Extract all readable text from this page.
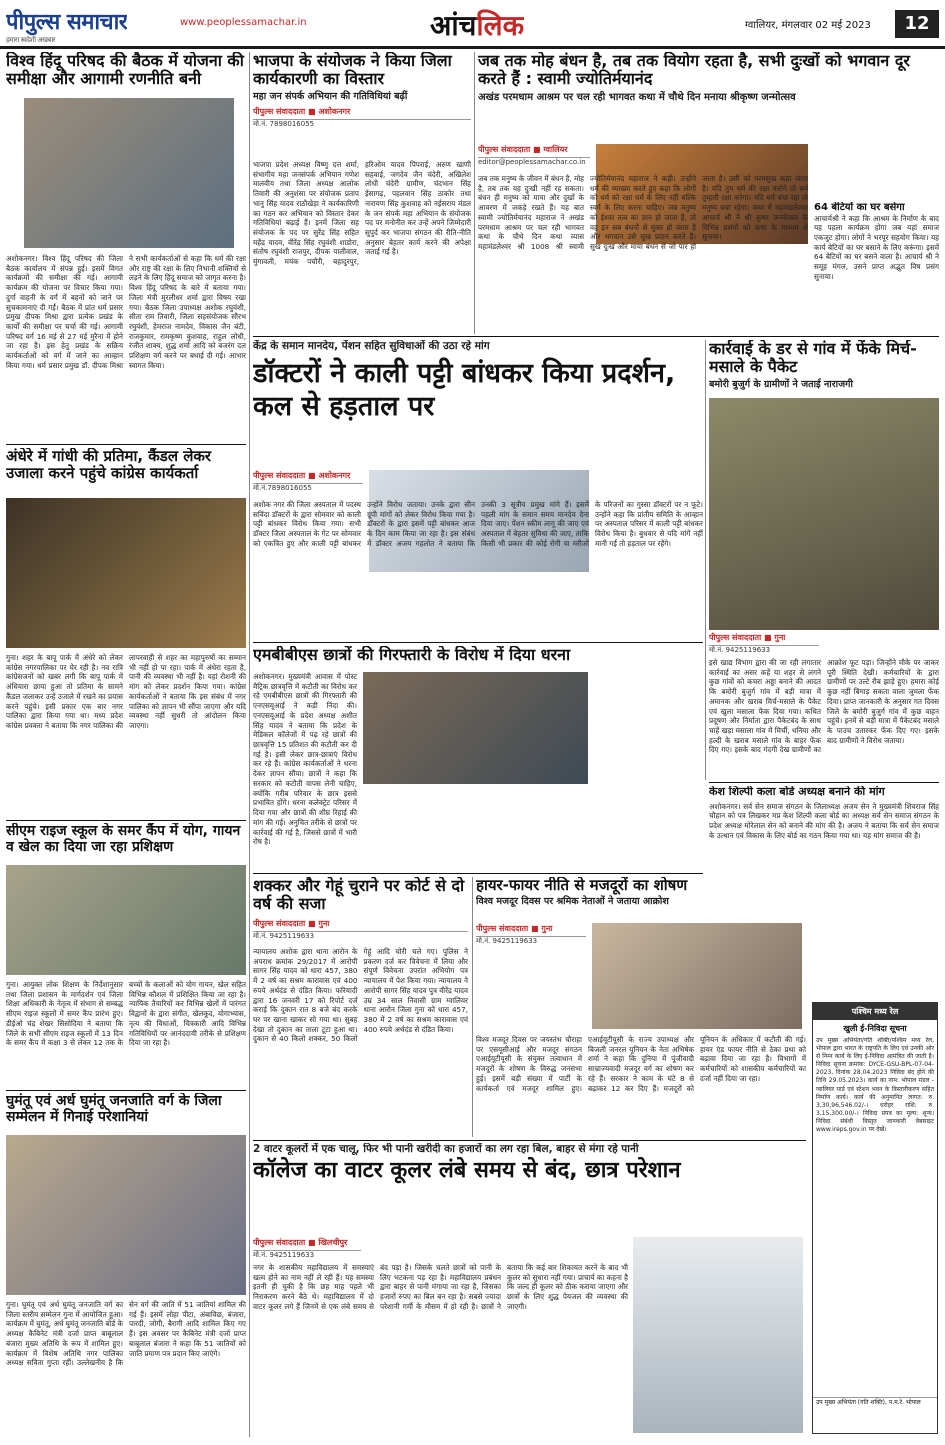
पीपुल्स समाचार
हमारा स्वदेशी अखबार
www.peoplessamachar.in	आंचलिक	ग्वालियर, मंगलवार 02 मई 2023	12
विश्व हिंदू परिषद की बैठक में योजना की समीक्षा और आगामी रणनीति बनी
अशोकनगर। विश्व हिंदू परिषद की जिला बैठक कार्यालय में संपन्न हुई। इसमें विगत कार्यक्रमों की समीक्षा की गई। आगामी कार्यक्रम की योजना पर विचार किया गया। दुर्गा वाहनी के वर्ग में बहनों को जाने पर सुचकामनाएं दी गईं। बैठक में प्रांत धर्म प्रसार प्रमुख दीपक मिश्रा द्वारा प्रत्येक प्रखंड के कार्यों की समीक्षा पर चर्चा की गई। आगामी परिषद वर्ग 16 मई से 27 मई मुरैना में होने जा रहा है। इस हेतु प्रखंड के सक्रिय कार्यकर्ताओं को वर्ग में जाने का आव्हान किया गया। धर्म प्रसार प्रमुख डॉ. दीपक मिश्रा ने सभी कार्यकर्ताओं से कहा कि धर्म की रक्षा और राष्ट्र की रक्षा के लिए निभानी शक्तियों से लड़ने के लिए हिंदू समाज को जागृत करना है। विश्व हिंदू परिषद के बारे में बताया गया। जिला मंत्री मुरलीधर शर्मा द्वारा विषय रखा गया। बैठक जिला उपाध्यक्ष अशोक रघुवंशी, सीता राम तिवारी, जिला सहसंयोजक सौरभ रघुवंशी, हेमराज नामदेव, विकास जैन बंटी, राजकुमार, रामकृष्ण कुशवाह, राहुल लोधी, रंजीत शाक्य, शुद्ध शर्मा आदि को बजरंग दल प्रशिक्षण वर्ग करने पर बधाई दी गई। आभार स्वागत किया।
अंधेरे में गांधी की प्रतिमा, कैंडल लेकर उजाला करने पहुंचे कांग्रेस कार्यकर्ता
गुना। शहर के बापू पार्क में अंधेरे को लेकर कांग्रेस नगरपालिका पर घेर रही है। नव रात्रि कांग्रेसजनों को खबर लगी कि बापू पार्क में अंधियारा छाया हुआ तो प्रतिमा के सामने कैंडल जलाकर उन्हें उजाले में रखने का प्रयास करने पहुंचे। इसी प्रकार एक बार नगर पालिका द्वारा किया गया था। मध्य प्रदेश कांग्रेस प्रवक्ता ने बताया कि नगर पालिका की लापरवाही से शहर का महापुरुषों का सम्मान भी नहीं हो पा रहा। पार्क में अंधेरा रहता है, पानी की व्यवस्था भी नहीं है। यहां रोशनी की मांग को लेकर प्रदर्शन किया गया। कांग्रेस कार्यकर्ताओं ने बताया कि इस संबंध में नगर पालिका को ज्ञापन भी सौंपा जाएगा और यदि व्यवस्था नहीं सुधरी तो आंदोलन किया जाएगा।
सीएम राइज स्कूल के समर कैंप में योग, गायन व खेल का दिया जा रहा प्रशिक्षण
गुना। आयुक्त लोक शिक्षण के निर्देशानुसार तथा जिला प्रशासन के मार्गदर्शन एवं जिला शिक्षा अधिकारी के नेतृत्व में संभाग से सम्बद्ध सीएम राइज स्कूलों में समर कैंप प्रारंभ हुए। डीईओ चंद्र शेखर सिसोदिया ने बताया कि जिले के सभी सीएम राइज स्कूलों में 13 दिन के समर कैंप में कक्षा 3 से लेकर 12 तक के बच्चों के कलाओं को योग गायन, खेल सहित विभिन्न कौशल में प्रशिक्षित किया जा रहा है। न्यायिक तैयारियों कर विभिन्न खेलों में पारंगत विद्वानों के द्वारा संगीत, खेलकूद, योगाभ्यास, नृत्य की विधाओं, चित्रकारी आदि विभिन्न गतिविधियों पर आनंददायी तरीके से प्रशिक्षण दिया जा रहा है।
घुमंतू एवं अर्ध घुमंतू जनजाति वर्ग के जिला सम्मेलन में गिनाई परेशानियां
गुना। घुमंतू एवं अर्ध घुमंतू जनजाति वर्ग का जिला स्तरीय सम्मेलन गुना में आयोजित हुआ। कार्यक्रम में घुमंतू, अर्ध घुमंतू जनजाति बोर्ड के अध्यक्ष कैबिनेट मंत्री दर्जा प्राप्त बाबूलाल बंजारा मुख्य अतिथि के रूप में शामिल हुए। कार्यक्रम में विशेष अतिथि नगर पालिका अध्यक्ष सविता गुप्ता रहीं। उल्लेखनीय है कि सेन वर्ग की जाति में 51 जातियां शामिल की गई हैं। इसमें लोहा पीटा, अंबाविछ, बंजारा, पारदी, जोगी, बैरागी आदि शामिल किए गए हैं। इस अवसर पर कैबिनेट मंत्री दर्जा प्राप्त बाबूलाल बंजारा ने कहा कि 51 जातियों को जाति प्रमाण पत्र प्रदान किए जाएंगे।
भाजपा के संयोजक ने किया जिला कार्यकारणी का विस्तार
महा जन संपर्क अभियान की गतिविधियां बढ़ीं
पीपुल्स संवाददाता ■ अशोकनगर
मो.नं. 7898016055
भाजपा प्रदेश अध्यक्ष विष्णु दत्त शर्मा, संभागीय महा जनसंपर्क अभियान गणेश मालवीय तथा जिला अध्यक्ष आलोक तिवारी की अनुशंसा पर संयोजक प्रताप भानु सिंह यादव राठौखेड़ा ने कार्यकारिणी का गठन कर अभियान को विस्तार देकर गतिविधियां बढ़ाई हैं। इनमें जिला सह संयोजक के पद पर सुरेंद्र सिंह सहित महेंद्र यादव, वीरेंद्र सिंह रघुवंशी शाडोरा, संतोष रघुवंशी राजपुर, दीपक पालीवाल, मुंगावली, मयंक पचौरी, बहादुरपुर, हरिओम यादव पिपराई, अरुण खाणी सहवाई, जगदेव जैन चंदेरी, अखिलेश लोधी चंदेरी ग्रामीण, चंदभान सिंह ईसागढ़, पहलवान सिंह ठाकोर तथा नारायण सिंह कुशवाह को नईसराय मंडल के जन संपर्क महा अभियान के संयोजक पद पर मनोनीत कर उन्हें अपने जिम्मेदारी सुपुर्द कर भाजपा संगठन की रीति-नीति अनुसार बेहतर कार्य करने की अपेक्षा जताई गई है।
जब तक मोह बंधन है, तब तक वियोग रहता है, सभी दुःखों को भगवान दूर करते हैं : स्वामी ज्योतिर्मयानंद
अखंड परमधाम आश्रम पर चल रही भागवत कथा में चौथे दिन मनाया श्रीकृष्ण जन्मोत्सव
पीपुल्स संवाददाता ■ ग्वालियर
editor@peoplessamachar.co.in
जब तक मनुष्य के जीवन में बंधन है, मोह है, तब तक यह दुःखी नहीं रह सकता। बंधन ही मनुष्य को माया और दुखों के आवरण में जकड़े रखते हैं। यह बात स्वामी ज्योतिर्मयानंद महाराज ने अखंड परमधाम आश्रम पर चल रही भागवत कथा के चौथे दिन कथा व्यास महामंडलेश्वर श्री 1008 श्री स्वामी ज्योतिर्मयानंद महाराज ने कही। उन्होंने धर्म की व्याख्या करते हुए कहा कि लोगों को धर्म को रक्षा धर्म के लिए नहीं बल्कि स्वर्ग के लिए करना चाहिए। जब मनुष्य को ईश्वर तत्व का ज्ञान हो जाता है, तो वह इन सब बंधनों से मुक्त हो जाता है और भगवान उसे सुख प्रदान करते हैं। सुख दुःख और माया बंधन से जो पार हो जाता है। उसी को परमसुख कहा जाता है। यदि तुम धर्म की रक्षा करोगे तो धर्म तुम्हारी रक्षा करेगा। यदि धर्म बचा रहा तो मनुष्य बचा रहेगा। कथा में महामंडलेश्वर आचार्य श्री ने श्री कृष्ण जन्मोत्सव के विभिन्न प्रसंगों को कथा के माध्यम से सुनाया।
64 बेटियों का घर बसेगा
आचार्यश्री ने कहा कि आश्रम के निर्माण के बाद यह पहला कार्यक्रम होगा जब यहां समाज एकजुट होगा। लोगों ने भरपूर सहयोग किया। यह कार्य बेटियों का घर बसाने के लिए करूंगा। इसमें 64 बेटियों का घर बसने वाला है। आचार्य श्री ने समूह मंगल, उसने प्राप्त अद्भुत विष प्रसंग सुनाया।
केंद्र के समान मानदेय, पेंशन सहित सुविधाओं की उठा रहे मांग
डॉक्टरों ने काली पट्टी बांधकर किया प्रदर्शन, कल से हड़ताल पर
पीपुल्स संवाददाता ■ अशोकनगर
मो.नं.7898016055
अशोक नगर की जिला अस्पताल में पदस्थ सविंदा डॉक्टरों के द्वारा सोमवार को काली पट्टी बांधकर विरोध किया गया। सभी डॉक्टर जिला अस्पताल के गेट पर सोमवार को एकत्रित हुए और काली पट्टी बांधकर उन्होंने विरोध जताया। उनके द्वारा सीन ग्रूपी मांगों को लेकर विरोध किया गया है। डॉक्टरों के द्वारा इसमें पट्टी बांधकर आज के दिन काम किया जा रहा है। इस संबंध में डॉक्टर अजय गहलोत ने बताया कि उनकी 3 सूत्रीय प्रमुख मांगे हैं। इसमें पहली मांग के समान समय मानदेय देना दिया जाए। पेंशन स्कीम लागू की जाए एवं अस्पताल में बेहतर सुविधा की जाए, ताकि किसी भी प्रकार की कोई रोगी या मरीजों के परिजनों का गुस्सा डॉक्टरों पर न फूटे। उन्होंने कहा कि प्रांतीय समिति के आव्हान पर अस्पताल परिसर में काली पट्टी बांधकर विरोध किया है। बुधवार से यदि मांगें नहीं मानी गईं तो हड़ताल पर रहेंगे।
कार्रवाई के डर से गांव में फेंके मिर्च-मसाले के पैकेट
बमोरी बुजुर्ग के ग्रामीणों ने जताई नाराजगी
पीपुल्स संवाददाता ■ गुना
मो.नं. 9425119633
इसे खाद्य विभाग द्वारा की जा रही लगातार कार्रवाई का असर कहें या शहर से लगने कुछ गांवों को कचरा अड्डा बनाने की आदत कि बमोरी बुजुर्ग गांव में बड़ी मात्रा में अमानक और खराब मिर्च-मसाले के पैकेट एवं खुला मसाला फेंक दिया गया। कथित प्रदूषण और निर्माता द्वारा पैकेटबंद के साथ चाहें खड़ा मसाला गांव में मिर्ची, धनिया और हल्दी के खराब मसाले गांव के बाहर फेंक दिए गए। इसके बाद गंदगी देख ग्रामीणों का आक्रोश फूट पड़ा। जिन्होंने मौके पर जाकर पूरी स्थिति देखी। कर्मचारियों के द्वारा ग्रामीणों पर उल्टे रौब झाड़े हुए। हमारा कोई कुछ नहीं बिगाड़ सकता वाला जुमला फेंक दिया। प्राप्त जानकारी के अनुसार गत दिवस जिले के बमोरी बुजुर्ग गांव में कुछ वाहन पहुंचे। इनमें से बड़ी मात्रा में पैकेटबंद मसाले के पाउच उतारकर फेंक दिए गए। इसके बाद ग्रामीणों ने विरोध जताया।
एमबीबीएस छात्रों की गिरफ्तारी के विरोध में दिया धरना
अशोकनगर। मुख्यमंत्री आवास में पोस्ट मैट्रिक छात्रवृत्ति में कटौती का विरोध कर रहे एमबीबीएस छात्रों की गिरफ्तारी की एनएसयूआई ने कड़ी निंदा की। एनएसयूआई के प्रदेश अध्यक्ष अशीत सिंह यादव ने बताया कि प्रदेश के मेडिकल कॉलेजों में पढ़ रहे छात्रों की छात्रवृत्ति 15 प्रतिशत की कटौती कर दी गई है। इसी लेकर छात्र-छात्राएं विरोध कर रहे हैं। कांग्रेस कार्यकर्ताओं ने धरना देकर ज्ञापन सौंपा। छात्रों ने कहा कि सरकार को कटौती वापस लेनी चाहिए, क्योंकि गरीब परिवार के छात्र इससे प्रभावित होंगे। धरना कलेक्ट्रेट परिसर में दिया गया और छात्रों की शीघ्र रिहाई की मांग की गई। अनुचित तरीके से छात्रों पर कार्रवाई की गई है, जिससे छात्रों में भारी रोष है।
केश शिल्पी कला बोर्ड अध्यक्ष बनाने की मांग
अशोकनगर। सर्व सेन समाज संगठन के जिलाध्यक्ष अजय सेन ने मुख्यमंत्री शिवराज सिंह चौहान को पत्र लिखकर मप्र केश शिल्पी कला बोर्ड का अध्यक्ष सर्व सेन समाज संगठन के प्रदेश अध्यक्ष मोरेलाल सेन को बनाने की मांग की है। अजय ने बताया कि सर्व सेन समाज के उत्थान एवं विकास के लिए बोर्ड का गठन किया गया था। यह मांग समाज की है।
शक्कर और गेहूं चुराने पर कोर्ट से दो वर्ष की सजा
पीपुल्स संवाददाता ■ गुना
मो.नं. 9425119633
न्यायालय अशोक द्वारा थाना आरोन के अपराध क्रमांक 29/2017 में आरोपी सागर सिंह यादव को धारा 457, 380 में 2 वर्ष का सश्रम कारावास एवं 400 रुपये अर्थदंड से दंडित किया। फरियादी द्वारा 16 जनवरी 17 को रिपोर्ट दर्ज कराई कि दुकान रात 8 बजे बंद करके घर पर खाना खाकर सो गया था। सुबह देखा तो दुकान का ताला टूटा हुआ था। दुकान से 40 किलो शक्कर, 50 किलो गेहूं आदि चोरी चले गए। पुलिस ने प्रकरण दर्ज कर विवेचना में लिया और संपूर्ण विवेचना उपरांत अभियोग पत्र न्यायालय में पेश किया गया। न्यायालय ने आरोपी सागर सिंह यादव पुत्र वीरेंद्र यादव उम्र 34 साल निवासी ग्राम ग्वालियर थाना आरोन जिला गुना को धारा 457, 380 में 2 वर्ष का सश्रम कारावास एवं 400 रुपये अर्थदंड से दंडित किया।
हायर-फायर नीति से मजदूरों का शोषण
विश्व मजदूर दिवस पर श्रमिक नेताओं ने जताया आक्रोश
पीपुल्स संवाददाता ■ गुना
मो.नं. 9425119633
विश्व मजदूर दिवस पर जयस्तंभ चौराहा पर एसयूसीआई और मजदूर संगठन एआईयूटीयूसी के संयुक्त तत्वाधान में मजदूरों के शोषण के विरुद्ध जनसभा हुई। इसमें बड़ी संख्या में पार्टी के कार्यकर्ता एवं मजदूर शामिल हुए। एआईयूटीयूसी के राज्य उपाध्यक्ष और बिजली जनरल यूनियन के नेता अभिषेक शर्मा ने कहा कि दुनिया में पूंजीवादी साम्राज्यवादी मजदूर वर्ग का शोषण कर रहे हैं। सरकार ने काम के घंटे 8 से बढ़ाकर 12 कर दिए हैं। मजदूरों को यूनियन के अधिकार में कटौती की गई। हायर एंड फायर नीति से ठेका प्रथा को बढ़ावा दिया जा रहा है। विभागों में कर्मचारियों को शासकीय कर्मचारियों का दर्जा नहीं दिया जा रहा।
पश्चिम मध्य रेल
खुली ई-निविदा सूचना
उप मुख्य अभियंता/गति शक्ति/पश्चिम मध्य रेल, भोपाल द्वारा भारत के राष्ट्रपति के लिए एवं उनकी ओर से निम्न कार्य के लिए ई-निविदा आमंत्रित की जाती है। निविदा सूचना क्रमांक: DYCE-GSU-BPL-07-04-2023, दिनांक 28.04.2023 निविदा बंद होने की तिथि 29.05.2023। कार्य का नाम: भोपाल मंडल - ग्वालियर यार्ड एवं स्टेशन भवन के विस्तारीकरण सहित निर्माण कार्य। कार्य की अनुमानित लागत: रु. 3,30,96,546.02/-। धरोहर राशि: रु. 3,15,300.00/-। निविदा प्रपत्र का मूल्य: शून्य। निविदा संबंधी विस्तृत जानकारी वेबसाइट www.ireps.gov.in पर देखें।
उप मुख्य अभियंता (गति शक्ति), प.म.रे. भोपाल
2 वाटर कूलरों में एक चालू, फिर भी पानी खरीदी का हजारों का लग रहा बिल, बाहर से मंगा रहे पानी
कॉलेज का वाटर कूलर लंबे समय से बंद, छात्र परेशान
पीपुल्स संवाददाता ■ खिलचीपुर
मो.नं. 9425119633
नगर के शासकीय महाविद्यालय में समस्याएं खत्म होने का नाम नहीं ले रही हैं। यह समस्या इतनी ही चुकी है कि छह माह पहले भी निराकरण करने बैठे थे। महाविद्यालय में दो वाटर कूलर लगे हैं जिनमें से एक लंबे समय से बंद पड़ा है। जिसके चलते छात्रों को पानी के लिए भटकना पड़ रहा है। महाविद्यालय प्रबंधन द्वारा बाहर से पानी मंगाया जा रहा है, जिसका हजारों रुपए का बिल बन रहा है। सबसे ज्यादा परेशानी गर्मी के मौसम में हो रही है। छात्रों ने बताया कि कई बार शिकायत करने के बाद भी कूलर को सुधारा नहीं गया। प्राचार्य का कहना है कि जल्द ही कूलर को ठीक कराया जाएगा और छात्रों के लिए शुद्ध पेयजल की व्यवस्था की जाएगी।
